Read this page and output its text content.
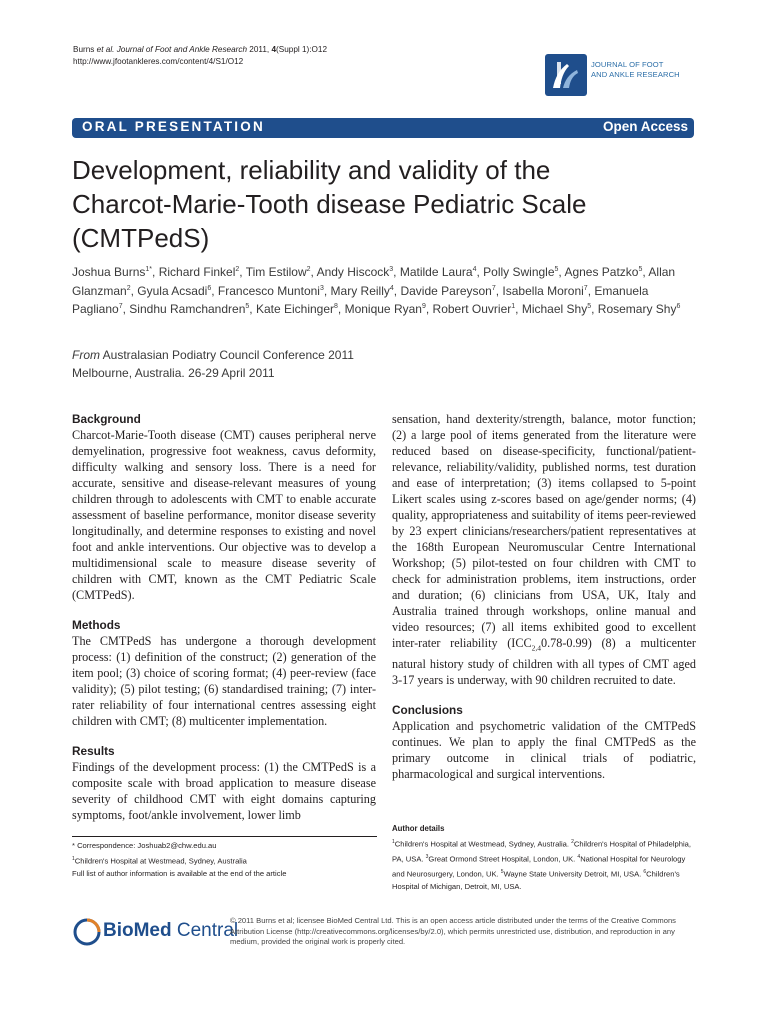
Burns et al. Journal of Foot and Ankle Research 2011, 4(Suppl 1):O12
http://www.jfootankleres.com/content/4/S1/O12	JOURNAL OF FOOT
AND ANKLE RESEARCH
ORAL PRESENTATION	Open Access
Development, reliability and validity of the
Charcot-Marie-Tooth disease Pediatric Scale
(CMTPedS)
Joshua Burns$^{1*}$, Richard Finkel$^2$, Tim Estilow$^2$, Andy Hiscock$^3$, Matilde Laura$^4$, Polly Swingle$^5$, Agnes Patzko$^5$, Allan Glanzman$^2$, Gyula Acsadi$^6$, Francesco Muntoni$^3$, Mary Reilly$^4$, Davide Pareyson$^7$, Isabella Moroni$^7$, Emanuela Pagliano$^7$, Sindhu Ramchandren$^5$, Kate Eichinger$^8$, Monique Ryan$^9$, Robert Ouvrier$^1$, Michael Shy$^5$, Rosemary Shy$^6$
From Australasian Podiatry Council Conference 2011
Melbourne, Australia. 26-29 April 2011
Background

Charcot-Marie-Tooth disease (CMT) causes peripheral nerve demyelination, progressive foot weakness, cavus deformity, difficulty walking and sensory loss. There is a need for accurate, sensitive and disease-relevant measures of young children through to adolescents with CMT to enable accurate assessment of baseline performance, monitor disease severity longitudinally, and determine responses to existing and novel foot and ankle interventions. Our objective was to develop a multidimensional scale to measure disease severity of children with CMT, known as the CMT Pediatric Scale (CMTPedS).

Methods

The CMTPedS has undergone a thorough development process: (1) definition of the construct; (2) generation of the item pool; (3) choice of scoring format; (4) peer-review (face validity); (5) pilot testing; (6) standardised training; (7) inter-rater reliability of four international centres assessing eight children with CMT; (8) multicenter implementation.

Results

Findings of the development process: (1) the CMTPedS is a composite scale with broad application to measure disease severity of childhood CMT with eight domains capturing symptoms, foot/ankle involvement, lower limb

sensation, hand dexterity/strength, balance, motor function; (2) a large pool of items generated from the literature were reduced based on disease-specificity, functional/patient-relevance, reliability/validity, published norms, test duration and ease of interpretation; (3) items collapsed to 5-point Likert scales using z-scores based on age/gender norms; (4) quality, appropriateness and suitability of items peer-reviewed by 23 expert clinicians/researchers/patient representatives at the 168th European Neuromuscular Centre International Workshop; (5) pilot-tested on four children with CMT to check for administration problems, item instructions, order and duration; (6) clinicians from USA, UK, Italy and Australia trained through workshops, online manual and video resources; (7) all items exhibited good to excellent inter-rater reliability $(ICC_{2,4}0.78-0.99)$ (8) a multicenter natural history study of children with all types of CMT aged 3-17 years is underway, with 90 children recruited to date.

Conclusions

Application and psychometric validation of the CMTPedS continues. We plan to apply the final CMTPedS as the primary outcome in clinical trials of podiatric, pharmacological and surgical interventions.

Author details
$^1$Children's Hospital at Westmead, Sydney, Australia. $^2$Children's Hospital of Philadelphia, PA, USA. $^3$Great Ormond Street Hospital, London, UK. $^4$National Hospital for Neurology and Neurosurgery, London, UK. $^5$Wayne State University Detroit, MI, USA. $^6$Children's Hospital of Michigan, Detroit, MI, USA.
* Correspondence: Joshuab2@chw.edu.au
$^1$Children's Hospital at Westmead, Sydney, Australia
Full list of author information is available at the end of the article
BioMed Central
© 2011 Burns et al; licensee BioMed Central Ltd. This is an open access article distributed under the terms of the Creative Commons Attribution License (http://creativecommons.org/licenses/by/2.0), which permits unrestricted use, distribution, and reproduction in any medium, provided the original work is properly cited.
